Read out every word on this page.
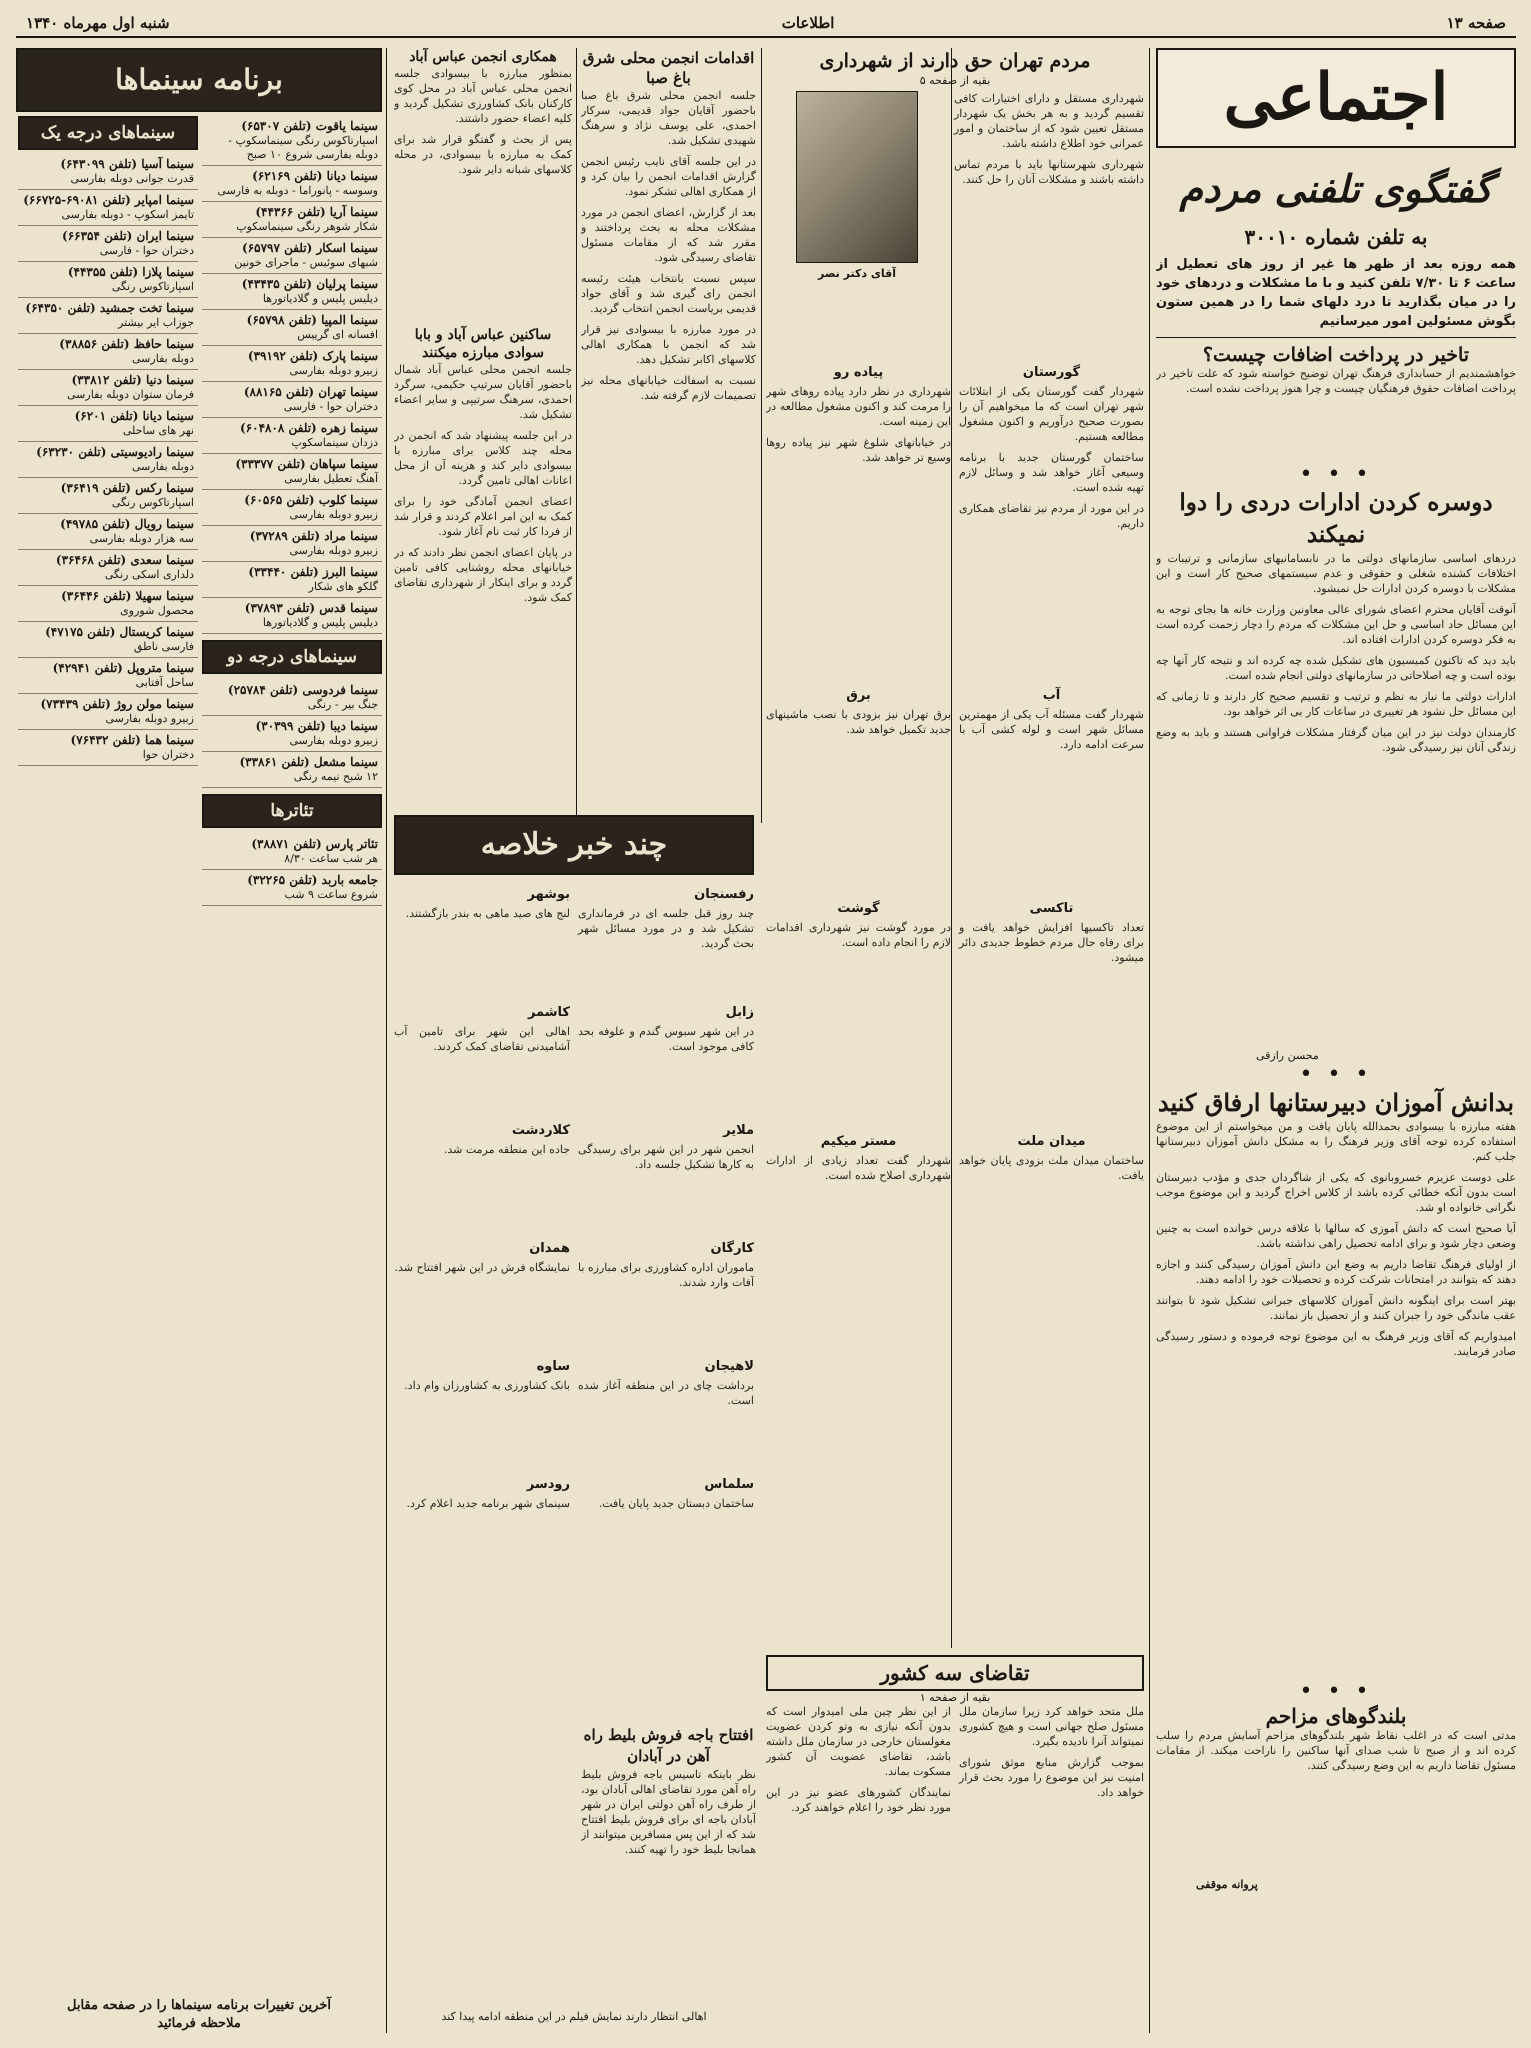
صفحه ۱۳
اطلاعات
شنبه اول مهرماه ۱۳۴۰
اجتماعی
گفتگوی تلفنی مردم
به تلفن شماره ۳۰۰۱۰
همه روزه بعد از ظهر ها غیر از روز های تعطیل از ساعت ۶ تا ۷/۳۰ تلفن کنید و با ما مشکلات و دردهای خود را در میان بگذارید تا درد دلهای شما را در همین ستون بگوش مسئولین امور میرسانیم
تاخیر در پرداخت اضافات چیست؟

خواهشمندیم از حسابداری فرهنگ تهران توضیح خواسته شود که علت تاخیر در پرداخت اضافات حقوق فرهنگیان چیست و چرا هنوز پرداخت نشده است.

• • •
دوسره کردن ادارات دردی را دوا نمیکند

دردهای اساسی سازمانهای دولتی ما در نابسامانیهای سازمانی و ترتیبات و اختلافات کشنده شغلی و حقوقی و عدم سیستمهای صحیح کار است و این مشکلات با دوسره کردن ادارات حل نمیشود.

آنوقت آقایان محترم اعضای شورای عالی معاونین وزارت خانه ها بجای توجه به این مسائل حاد اساسی و حل این مشکلات که مردم را دچار زحمت کرده است به فکر دوسره کردن ادارات افتاده اند.

باید دید که تاکنون کمیسیون های تشکیل شده چه کرده اند و نتیجه کار آنها چه بوده است و چه اصلاحاتی در سازمانهای دولتی انجام شده است.

ادارات دولتی ما نیاز به نظم و ترتیب و تقسیم صحیح کار دارند و تا زمانی که این مسائل حل نشود هر تغییری در ساعات کار بی اثر خواهد بود.

کارمندان دولت نیز در این میان گرفتار مشکلات فراوانی هستند و باید به وضع زندگی آنان نیز رسیدگی شود.

محسن رازقی
• • •
بدانش آموزان دبیرستانها ارفاق کنید

هفته مبارزه با بیسوادی بحمدالله پایان یافت و من میخواستم از این موضوع استفاده کرده توجه آقای وزیر فرهنگ را به مشکل دانش آموزان دبیرستانها جلب کنم.

علی دوست عزیزم خسروبانوی که یکی از شاگردان جدی و مؤدب دبیرستان است بدون آنکه خطائی کرده باشد از کلاس اخراج گردید و این موضوع موجب نگرانی خانواده او شد.

آیا صحیح است که دانش آموزی که سالها با علاقه درس خوانده است به چنین وضعی دچار شود و برای ادامه تحصیل راهی نداشته باشد.

از اولیای فرهنگ تقاضا داریم به وضع این دانش آموزان رسیدگی کنند و اجازه دهند که بتوانند در امتحانات شرکت کرده و تحصیلات خود را ادامه دهند.

بهتر است برای اینگونه دانش آموزان کلاسهای جبرانی تشکیل شود تا بتوانند عقب ماندگی خود را جبران کنند و از تحصیل باز نمانند.

امیدواریم که آقای وزیر فرهنگ به این موضوع توجه فرموده و دستور رسیدگی صادر فرمایند.

• • •
بلندگوهای مزاحم

مدتی است که در اغلب نقاط شهر بلندگوهای مزاحم آسایش مردم را سلب کرده اند و از صبح تا شب صدای آنها ساکنین را ناراحت میکند. از مقامات مسئول تقاضا داریم به این وضع رسیدگی کنند.

پروانه موقفی
مردم تهران حق دارند از شهرداری
بقیه از صفحه ۵

شهرداری مستقل و دارای اختیارات کافی تقسیم گردید و به هر بخش یک شهردار مستقل تعیین شود که از ساختمان و امور عمرانی خود اطلاع داشته باشد.

شهرداری شهرستانها باید با مردم تماس داشته باشند و مشکلات آنان را حل کنند.

آقای دکتر نصر
گورستان

شهردار گفت گورستان یکی از ابتلائات شهر تهران است که ما میخواهیم آن را بصورت صحیح درآوریم و اکنون مشغول مطالعه هستیم.

ساختمان گورستان جدید با برنامه وسیعی آغاز خواهد شد و وسائل لازم تهیه شده است.

در این مورد از مردم نیز تقاضای همکاری داریم.

آب

شهردار گفت مسئله آب یکی از مهمترین مسائل شهر است و لوله کشی آب با سرعت ادامه دارد.

تاکسی

تعداد تاکسیها افزایش خواهد یافت و برای رفاه حال مردم خطوط جدیدی دائر میشود.

میدان ملت

ساختمان میدان ملت بزودی پایان خواهد یافت.

پیاده رو

شهرداری در نظر دارد پیاده روهای شهر را مرمت کند و اکنون مشغول مطالعه در این زمینه است.

در خیابانهای شلوغ شهر نیز پیاده روها وسیع تر خواهد شد.

برق

برق تهران نیز بزودی با نصب ماشینهای جدید تکمیل خواهد شد.

گوشت

در مورد گوشت نیز شهرداری اقدامات لازم را انجام داده است.

مستر میکیم

شهردار گفت تعداد زیادی از ادارات شهرداری اصلاح شده است.

تقاضای سه کشور
بقیه از صفحه ۱

ملل متحد خواهد کرد زیرا سازمان ملل مسئول صلح جهانی است و هیچ کشوری نمیتواند آنرا نادیده بگیرد.

بموجب گزارش منابع موثق شورای امنیت نیز این موضوع را مورد بحث قرار خواهد داد.

از این نظر چین ملی امیدوار است که بدون آنکه نیازی به وتو کردن عضویت مغولستان خارجی در سازمان ملل داشته باشد، تقاضای عضویت آن کشور مسکوت بماند.

نمایندگان کشورهای عضو نیز در این مورد نظر خود را اعلام خواهند کرد.

افتتاح باجه فروش بلیط راه آهن در آبادان

نظر باینکه تاسیس باجه فروش بلیط راه آهن مورد تقاضای اهالی آبادان بود، از طرف راه آهن دولتی ایران در شهر آبادان باجه ای برای فروش بلیط افتتاح شد که از این پس مسافرین میتوانند از همانجا بلیط خود را تهیه کنند.

اقدامات انجمن محلی شرق باغ صبا

جلسه انجمن محلی شرق باغ صبا باحضور آقایان جواد قدیمی، سرکار احمدی، علی یوسف نژاد و سرهنگ شهیدی تشکیل شد.

در این جلسه آقای نایب رئیس انجمن گزارش اقدامات انجمن را بیان کرد و از همکاری اهالی تشکر نمود.

بعد از گزارش، اعضای انجمن در مورد مشکلات محله به بحث پرداختند و مقرر شد که از مقامات مسئول تقاضای رسیدگی شود.

سپس نسبت بانتخاب هیئت رئیسه انجمن رای گیری شد و آقای جواد قدیمی بریاست انجمن انتخاب گردید.

در مورد مبارزه با بیسوادی نیز قرار شد که انجمن با همکاری اهالی کلاسهای اکابر تشکیل دهد.

نسبت به اسفالت خیابانهای محله نیز تصمیمات لازم گرفته شد.

همکاری انجمن عباس آباد

بمنظور مبارزه با بیسوادی جلسه انجمن محلی عباس آباد در محل کوی کارکنان بانک کشاورزی تشکیل گردید و کلیه اعضاء حضور داشتند.

پس از بحث و گفتگو قرار شد برای کمک به مبارزه با بیسوادی، در محله کلاسهای شبانه دایر شود.

ساکنین عباس آباد و بابا سوادی مبارزه میکنند

جلسه انجمن محلی عباس آباد شمال باحضور آقایان سرتیپ حکیمی، سرگرد احمدی، سرهنگ سرتیپی و سایر اعضاء تشکیل شد.

در این جلسه پیشنهاد شد که انجمن در محله چند کلاس برای مبارزه با بیسوادی دایر کند و هزینه آن از محل اعانات اهالی تامین گردد.

اعضای انجمن آمادگی خود را برای کمک به این امر اعلام کردند و قرار شد از فردا کار ثبت نام آغاز شود.

در پایان اعضای انجمن نظر دادند که در خیابانهای محله روشنایی کافی تامین گردد و برای اینکار از شهرداری تقاضای کمک شود.

چند خبر خلاصه
رفسنجان

چند روز قبل جلسه ای در فرمانداری تشکیل شد و در مورد مسائل شهر بحث گردید.

زابل

در این شهر سبوس گندم و علوفه بحد کافی موجود است.

ملایر

انجمن شهر در این شهر برای رسیدگی به کارها تشکیل جلسه داد.

کارگان

ماموران اداره کشاورزی برای مبارزه با آفات وارد شدند.

لاهیجان

برداشت چای در این منطقه آغاز شده است.

سلماس

ساختمان دبستان جدید پایان یافت.

بوشهر

لنج های صید ماهی به بندر بازگشتند.

کاشمر

اهالی این شهر برای تامین آب آشامیدنی تقاضای کمک کردند.

کلاردشت

جاده این منطقه مرمت شد.

همدان

نمایشگاه فرش در این شهر افتتاح شد.

ساوه

بانک کشاورزی به کشاورزان وام داد.

رودسر

سینمای شهر برنامه جدید اعلام کرد.

اهالی انتظار دارند نمایش فیلم در این منطقه ادامه پیدا کند
برنامه سینماها
سینما یاقوت (تلفن ۶۵۳۰۷)
اسپارتاکوس رنگی سینماسکوپ - دوبله بفارسی شروع ۱۰ صبح
سینما دیانا (تلفن ۶۲۱۶۹)
وسوسه - پانوراما - دوبله به فارسی
سینما آریا (تلفن ۴۴۳۶۶)
شکار شوهر رنگی سینماسکوپ
سینما اسکار (تلفن ۶۵۷۹۷)
شبهای سوئیس - ماجرای خونین
سینما پرلیان (تلفن ۴۳۴۳۵)
دیلیس پلیس و گلادیاتورها
سینما المپیا (تلفن ۶۵۷۹۸)
افسانه ای گرییس
سینما پارک (تلفن ۳۹۱۹۲)
زبیرو دوبله بفارسی
سینما تهران (تلفن ۸۸۱۶۵)
دختران حوا - فارسی
سینما زهره (تلفن ۶۰۴۸۰۸)
دزدان سینماسکوپ
سینما سپاهان (تلفن ۳۳۳۷۷)
آهنگ تعطیل بفارسی
سینما کلوب (تلفن ۶۰۵۶۵)
زبیرو دوبله بفارسی
سینما مراد (تلفن ۳۷۲۸۹)
زبیرو دوبله بفارسی
سینما البرز (تلفن ۳۳۴۴۰)
گلکو های شکار
سینما قدس (تلفن ۳۷۸۹۳)
دیلیس پلیس و گلادیاتورها
سینماهای درجه دو
سینما فردوسی (تلفن ۲۵۷۸۴)
جنگ بیر - رنگی
سینما دیبا (تلفن ۳۰۳۹۹)
زبیرو دوبله بفارسی
سینما مشعل (تلفن ۳۳۸۶۱)
۱۲ شبح نیمه رنگی
تئاترها
تئاتر پارس (تلفن ۳۸۸۷۱)
هر شب ساعت ۸/۳۰
جامعه باربد (تلفن ۳۲۲۶۵)
شروع ساعت ۹ شب
سینماهای درجه یک
سینما آسیا (تلفن ۶۴۳۰۹۹)
قدرت جوانی دوبله بفارسی
سینما امپایر (تلفن ۶۹۰۸۱-۶۶۷۲۵)
تایمز اسکوپ - دوبله بفارسی
سینما ایران (تلفن ۶۶۳۵۴)
دختران حوا - فارسی
سینما پلازا (تلفن ۴۴۳۵۵)
اسپارتاکوس رنگی
سینما تخت جمشید (تلفن ۶۴۳۵۰)
جوزاب ایر بیشتر
سینما حافظ (تلفن ۳۸۸۵۶)
دوبله بفارسی
سینما دنیا (تلفن ۳۳۸۱۲)
فرمان ستوان دوبله بفارسی
سینما دیانا (تلفن ۶۲۰۱)
نهر های ساحلی
سینما رادیوسیتی (تلفن ۶۳۲۳۰)
دوبله بفارسی
سینما رکس (تلفن ۳۶۴۱۹)
اسپارتاکوس رنگی
سینما رویال (تلفن ۴۹۷۸۵)
سه هزار دوبله بفارسی
سینما سعدی (تلفن ۳۶۴۶۸)
دلداری اسکی رنگی
سینما سهیلا (تلفن ۳۶۴۴۶)
محصول شوروی
سینما کریستال (تلفن ۴۷۱۷۵)
فارسی ناطق
سینما متروپل (تلفن ۴۲۹۴۱)
ساحل آفتابی
سینما مولن روژ (تلفن ۷۳۴۳۹)
زبیرو دوبله بفارسی
سینما هما (تلفن ۷۶۴۳۲)
دختران حوا
آخرین تغییرات برنامه سینماها را در صفحه مقابل
ملاحظه فرمائید
